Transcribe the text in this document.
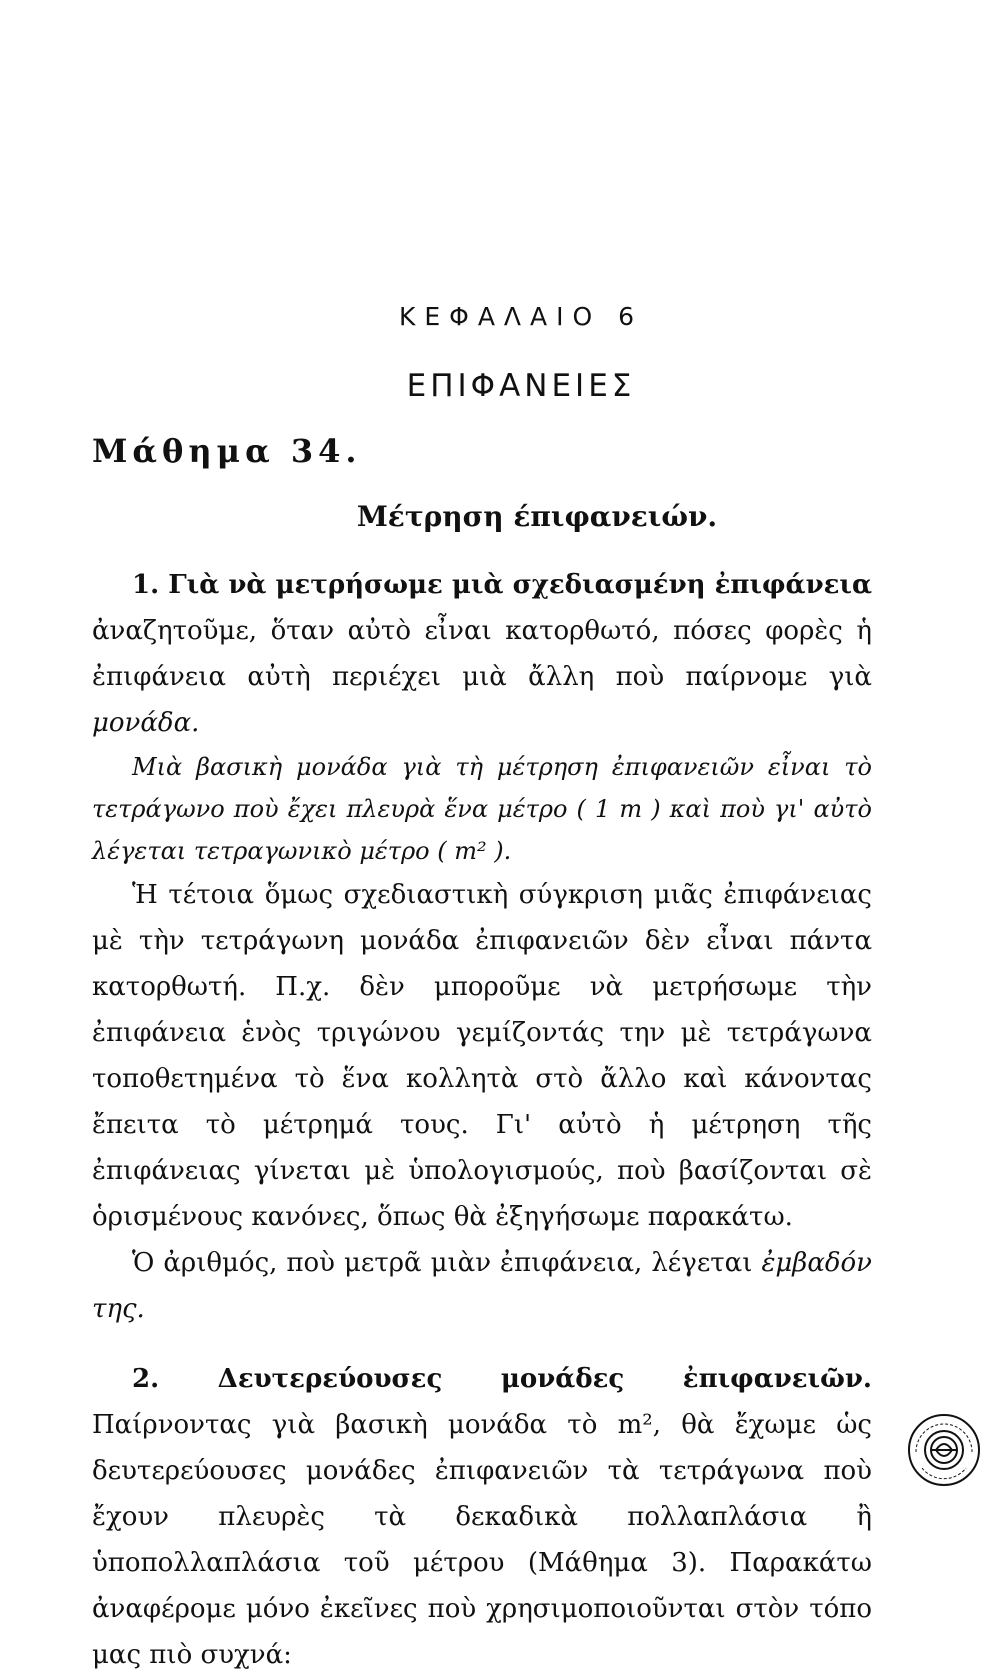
ΚΕΦΑΛΑΙΟ 6
ΕΠΙΦΑΝΕΙΕΣ
Μάθημα 34.
Μέτρηση έπιφανειών.

1. Γιὰ νὰ μετρήσωμε μιὰ σχεδιασμένη ἐπιφάνεια ἀναζητοῦμε, ὅταν αὐτὸ εἶναι κατορθωτό, πόσες φορὲς ἡ ἐπιφάνεια αὐτὴ περιέχει μιὰ ἄλλη ποὺ παίρνομε γιὰ μονάδα.

Μιὰ βασικὴ μονάδα γιὰ τὴ μέτρηση ἐπιφανειῶν εἶναι τὸ τετράγωνο ποὺ ἔχει πλευρὰ ἕνα μέτρο ( 1 m ) καὶ ποὺ γι' αὐτὸ λέγεται τετραγωνικὸ μέτρο ( m² ).

Ἡ τέτοια ὅμως σχεδιαστικὴ σύγκριση μιᾶς ἐπιφάνειας μὲ τὴν τετράγωνη μονάδα ἐπιφανειῶν δὲν εἶναι πάντα κατορθωτή. Π.χ. δὲν μποροῦμε νὰ μετρήσωμε τὴν ἐπιφάνεια ἑνὸς τριγώνου γεμίζοντάς την μὲ τετράγωνα τοποθετημένα τὸ ἕνα κολλητὰ στὸ ἄλλο καὶ κάνοντας ἔπειτα τὸ μέτρημά τους. Γι' αὐτὸ ἡ μέτρηση τῆς ἐπιφάνειας γίνεται μὲ ὑπολογισμούς, ποὺ βασίζονται σὲ ὁρισμένους κανόνες, ὅπως θὰ ἐξηγήσωμε παρακάτω.

Ὁ ἀριθμός, ποὺ μετρᾶ μιὰν ἐπιφάνεια, λέγεται ἐμβαδόν της.

2. Δευτερεύουσες μονάδες ἐπιφανειῶν. Παίρνοντας γιὰ βασικὴ μονάδα τὸ m², θὰ ἔχωμε ὡς δευτερεύουσες μονάδες ἐπιφανειῶν τὰ τετράγωνα ποὺ ἔχουν πλευρὲς τὰ δεκαδικὰ πολλαπλάσια ἢ ὑποπολλαπλάσια τοῦ μέτρου (Μάθημα 3). Παρακάτω ἀναφέρομε μόνο ἐκεῖνες ποὺ χρησιμοποιοῦνται στὸν τόπο μας πιὸ συχνά:
